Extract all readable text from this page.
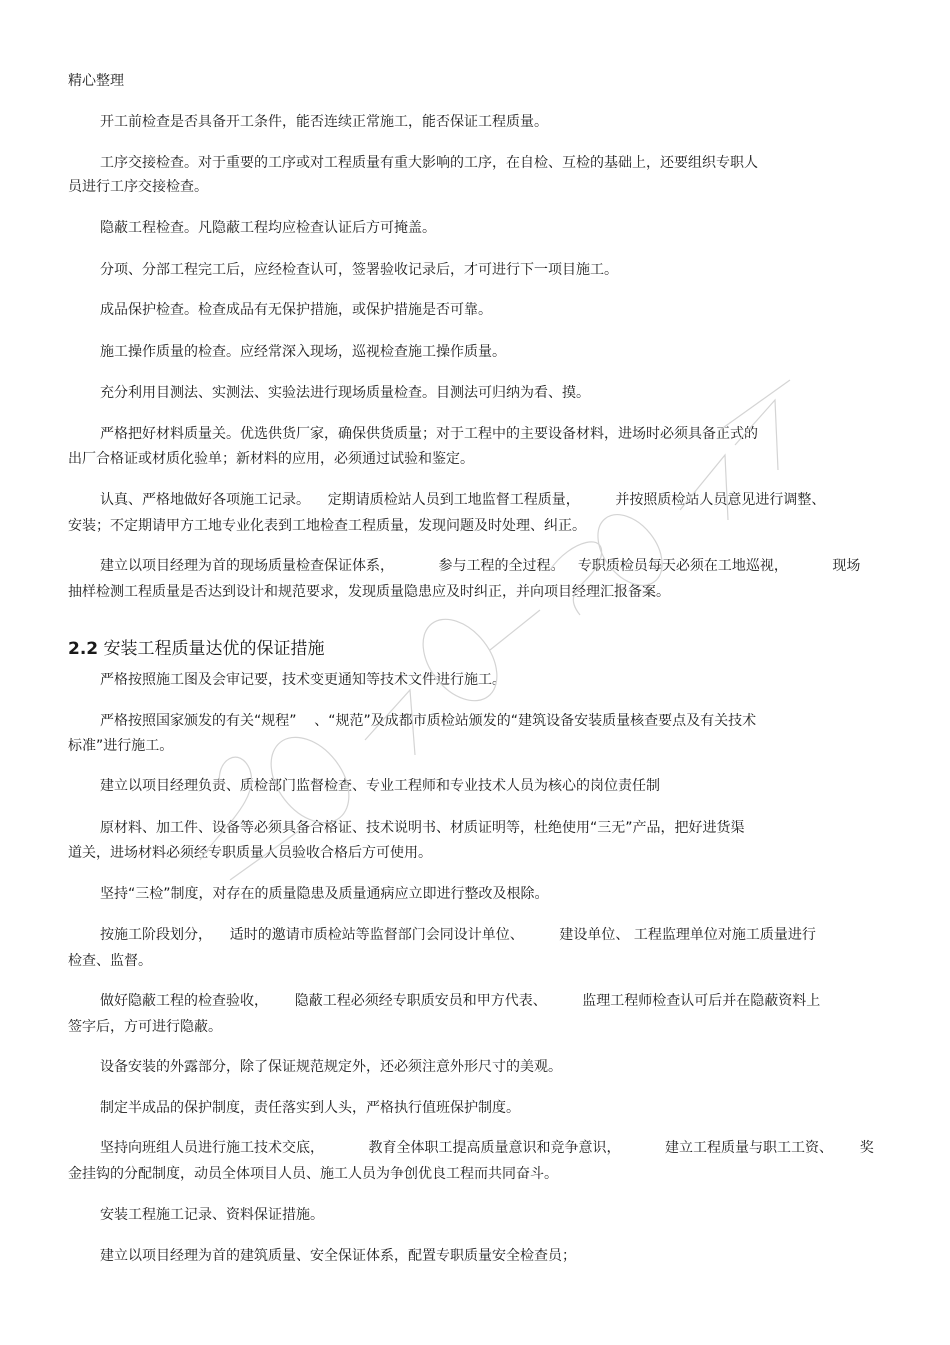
精心整理
开工前检查是否具备开工条件，能否连续正常施工，能否保证工程质量。
工序交接检查。对于重要的工序或对工程质量有重大影响的工序，在自检、互检的基础上，还要组织专职人
员进行工序交接检查。
隐蔽工程检查。凡隐蔽工程均应检查认证后方可掩盖。
分项、分部工程完工后，应经检查认可，签署验收记录后，才可进行下一项目施工。
成品保护检查。检查成品有无保护措施，或保护措施是否可靠。
施工操作质量的检查。应经常深入现场，巡视检查施工操作质量。
充分利用目测法、实测法、实验法进行现场质量检查。目测法可归纳为看、摸。
严格把好材料质量关。优选供货厂家，确保供货质量；对于工程中的主要设备材料，进场时必须具备正式的
出厂合格证或材质化验单；新材料的应用，必须通过试验和鉴定。
认真、严格地做好各项施工记录。    定期请质检站人员到工地监督工程质量，        并按照质检站人员意见进行调整、
安装；不定期请甲方工地专业化表到工地检查工程质量，发现问题及时处理、纠正。
建立以项目经理为首的现场质量检查保证体系，          参与工程的全过程。   专职质检员每天必须在工地巡视，          现场
抽样检测工程质量是否达到设计和规范要求，发现质量隐患应及时纠正，并向项目经理汇报备案。
2.2 安装工程质量达优的保证措施
严格按照施工图及会审记要，技术变更通知等技术文件进行施工。
严格按照国家颁发的有关“规程”    、“规范”及成都市质检站颁发的“建筑设备安装质量核查要点及有关技术
标准”进行施工。
建立以项目经理负责、质检部门监督检查、专业工程师和专业技术人员为核心的岗位责任制
原材料、加工件、设备等必须具备合格证、技术说明书、材质证明等，杜绝使用“三无”产品，把好进货渠
道关，进场材料必须经专职质量人员验收合格后方可使用。
坚持“三检”制度，对存在的质量隐患及质量通病应立即进行整改及根除。
按施工阶段划分，    适时的邀请市质检站等监督部门会同设计单位、        建设单位、 工程监理单位对施工质量进行
检查、监督。
做好隐蔽工程的检查验收，      隐蔽工程必须经专职质安员和甲方代表、        监理工程师检查认可后并在隐蔽资料上
签字后，方可进行隐蔽。
设备安装的外露部分，除了保证规范规定外，还必须注意外形尺寸的美观。
制定半成品的保护制度，责任落实到人头，严格执行值班保护制度。
坚持向班组人员进行施工技术交底，          教育全体职工提高质量意识和竞争意识，          建立工程质量与职工工资、      奖
金挂钩的分配制度，动员全体项目人员、施工人员为争创优良工程而共同奋斗。
安装工程施工记录、资料保证措施。
建立以项目经理为首的建筑质量、安全保证体系，配置专职质量安全检查员；
